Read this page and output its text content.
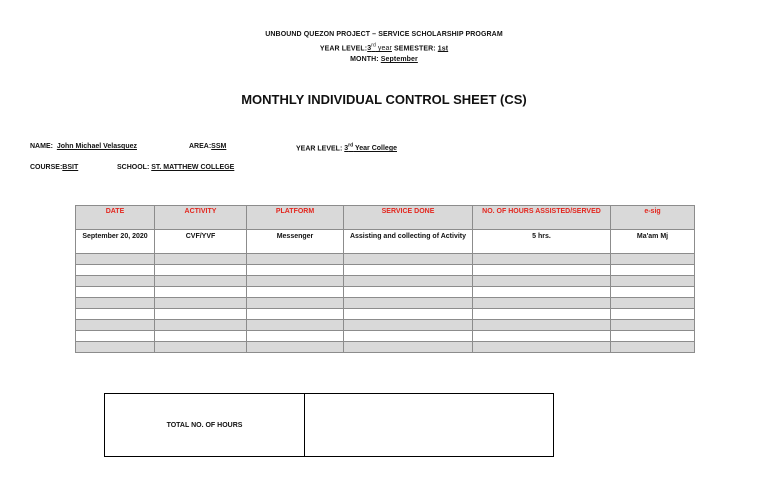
UNBOUND QUEZON PROJECT – SERVICE SCHOLARSHIP PROGRAM
YEAR LEVEL:3rd year SEMESTER: 1st
MONTH: September
MONTHLY INDIVIDUAL CONTROL SHEET (CS)
NAME: John Michael Velasquez	AREA:SSM	YEAR LEVEL: 3rd Year College
COURSE:BSIT	SCHOOL: ST. MATTHEW COLLEGE
DATE	ACTIVITY	PLATFORM	SERVICE DONE	NO. OF HOURS ASSISTED/SERVED	e-sig
September 20, 2020	CVF/YVF	Messenger	Assisting and collecting of Activity	5 hrs.	Ma'am Mj

TOTAL NO. OF HOURS
